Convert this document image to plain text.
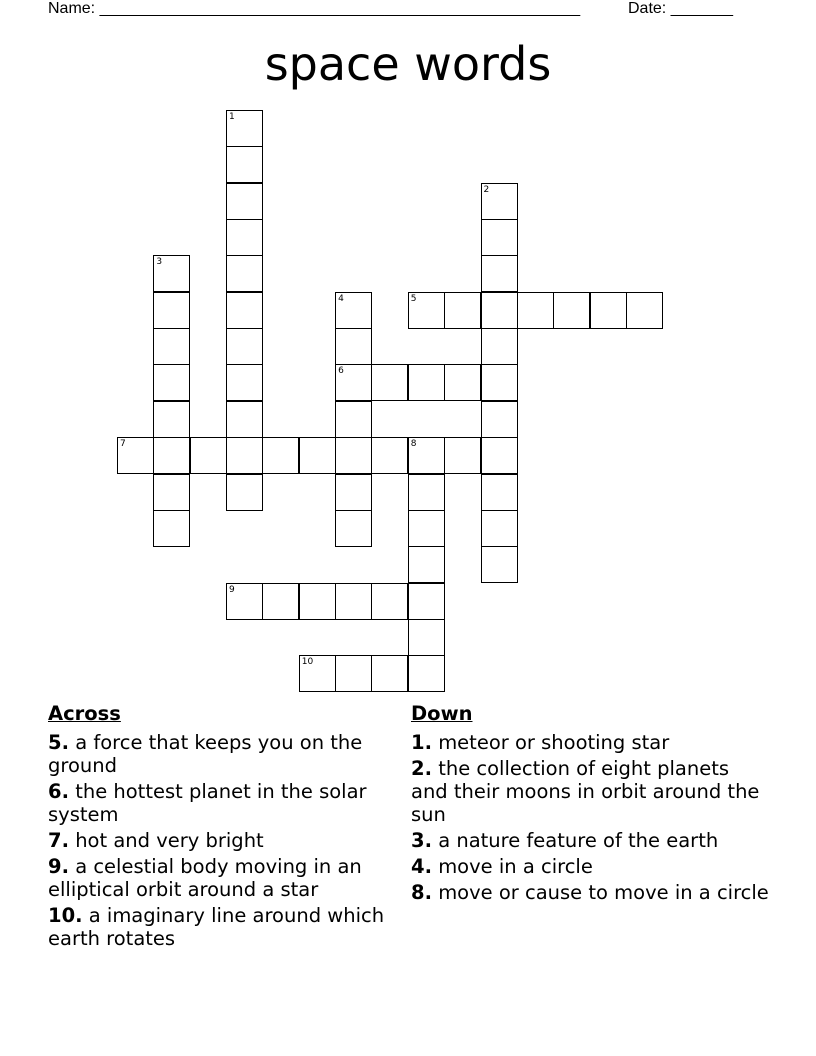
Name: ______________________________________________________	Date: _______
space words
1
2
3
4
6
5
7	8
9
10
Across
5. a force that keeps you on the ground
6. the hottest planet in the solar system
7. hot and very bright
9. a celestial body moving in an elliptical orbit around a star
10. a imaginary line around which earth rotates
Down
1. meteor or shooting star
2. the collection of eight planets and their moons in orbit around the sun
3. a nature feature of the earth
4. move in a circle
8. move or cause to move in a circle
